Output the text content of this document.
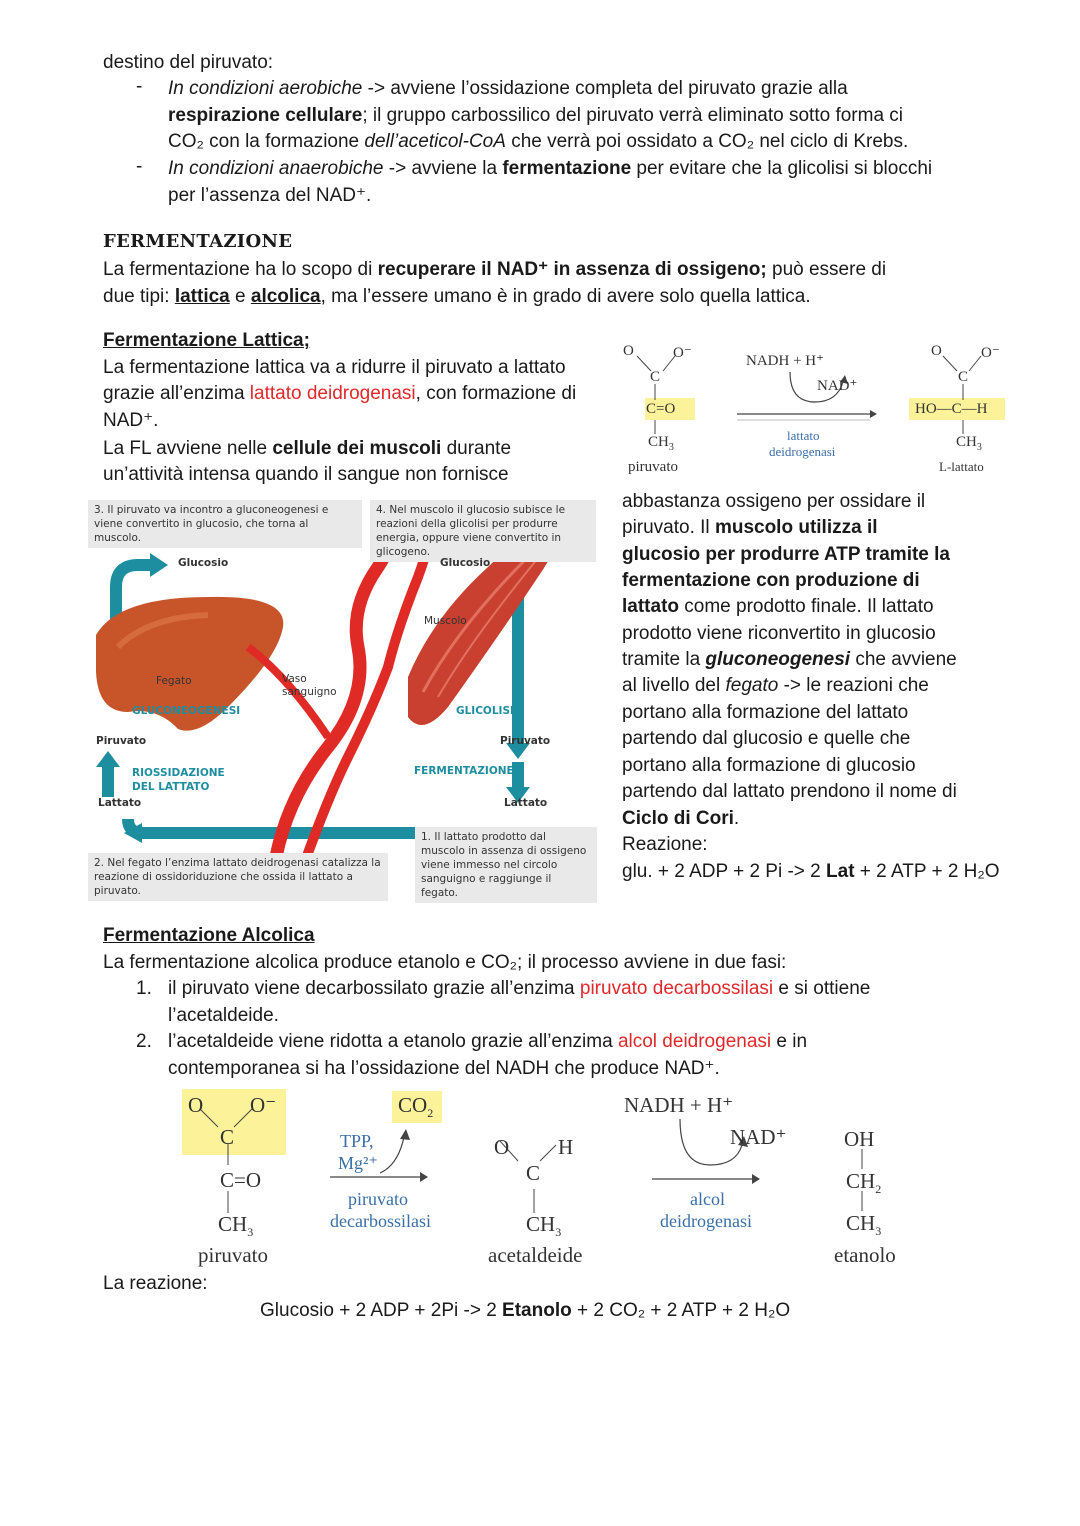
destino del piruvato:
- In condizioni aerobiche -> avviene l’ossidazione completa del piruvato grazie alla
respirazione cellulare; il gruppo carbossilico del piruvato verrà eliminato sotto forma ci
CO₂ con la formazione dell’aceticol-CoA che verrà poi ossidato a CO₂ nel ciclo di Krebs.
- In condizioni anaerobiche -> avviene la fermentazione per evitare che la glicolisi si blocchi
per l’assenza del NAD⁺.
FERMENTAZIONE
La fermentazione ha lo scopo di recuperare il NAD⁺ in assenza di ossigeno; può essere di
due tipi: lattica e alcolica, ma l’essere umano è in grado di avere solo quella lattica.
Fermentazione Lattica;
La fermentazione lattica va a ridurre il piruvato a lattato
grazie all’enzima lattato deidrogenasi, con formazione di
NAD⁺.
La FL avviene nelle cellule dei muscoli durante
un’attività intensa quando il sangue non fornisce
O	O⁻
C
C=O
$CH_3$
piruvato
NADH + H⁺
NAD⁺
lattato
deidrogenasi
O	O⁻
C
HO—C—H
$CH_3$
L-lattato
3. Il piruvato va incontro a gluconeogenesi e viene convertito in glucosio, che torna al muscolo.
4. Nel muscolo il glucosio subisce le reazioni della glicolisi per produrre energia, oppure viene convertito in glicogeno.
2. Nel fegato l’enzima lattato deidrogenasi catalizza la reazione di ossidoriduzione che ossida il lattato a piruvato.
1. Il lattato prodotto dal muscolo in assenza di ossigeno viene immesso nel circolo sanguigno e raggiunge il fegato.
Glucosio	Glucosio
Muscolo
Fegato	Vaso sanguigno
GLUCONEOGENESI	GLICOLISI
Piruvato	Piruvato
RIOSSIDAZIONE DEL LATTATO
FERMENTAZIONE
Lattato	Lattato
abbastanza ossigeno per ossidare il
piruvato. Il muscolo utilizza il
glucosio per produrre ATP tramite la
fermentazione con produzione di
lattato come prodotto finale. Il lattato
prodotto viene riconvertito in glucosio
tramite la gluconeogenesi che avviene
al livello del fegato -> le reazioni che
portano alla formazione del lattato
partendo dal glucosio e quelle che
portano alla formazione di glucosio
partendo dal lattato prendono il nome di
Ciclo di Cori.
Reazione:
glu. + 2 ADP + 2 Pi -> 2 Lat + 2 ATP + 2 H₂O
Fermentazione Alcolica
La fermentazione alcolica produce etanolo e CO₂; il processo avviene in due fasi:
1. il piruvato viene decarbossilato grazie all’enzima piruvato decarbossilasi e si ottiene
l’acetaldeide.
2. l’acetaldeide viene ridotta a etanolo grazie all’enzima alcol deidrogenasi e in
contemporanea si ha l’ossidazione del NADH che produce NAD⁺.
O O⁻
C
C=O
$CH_3$
piruvato
$CO_2$
TPP,
Mg²⁺
piruvato
decarbossilasi
O H
C
$CH_3$
acetaldeide
NADH + H⁺
NAD⁺
alcol
deidrogenasi
OH
$CH_2$
$CH_3$
etanolo
La reazione:
Glucosio + 2 ADP + 2Pi -> 2 Etanolo + 2 CO₂ + 2 ATP + 2 H₂O
